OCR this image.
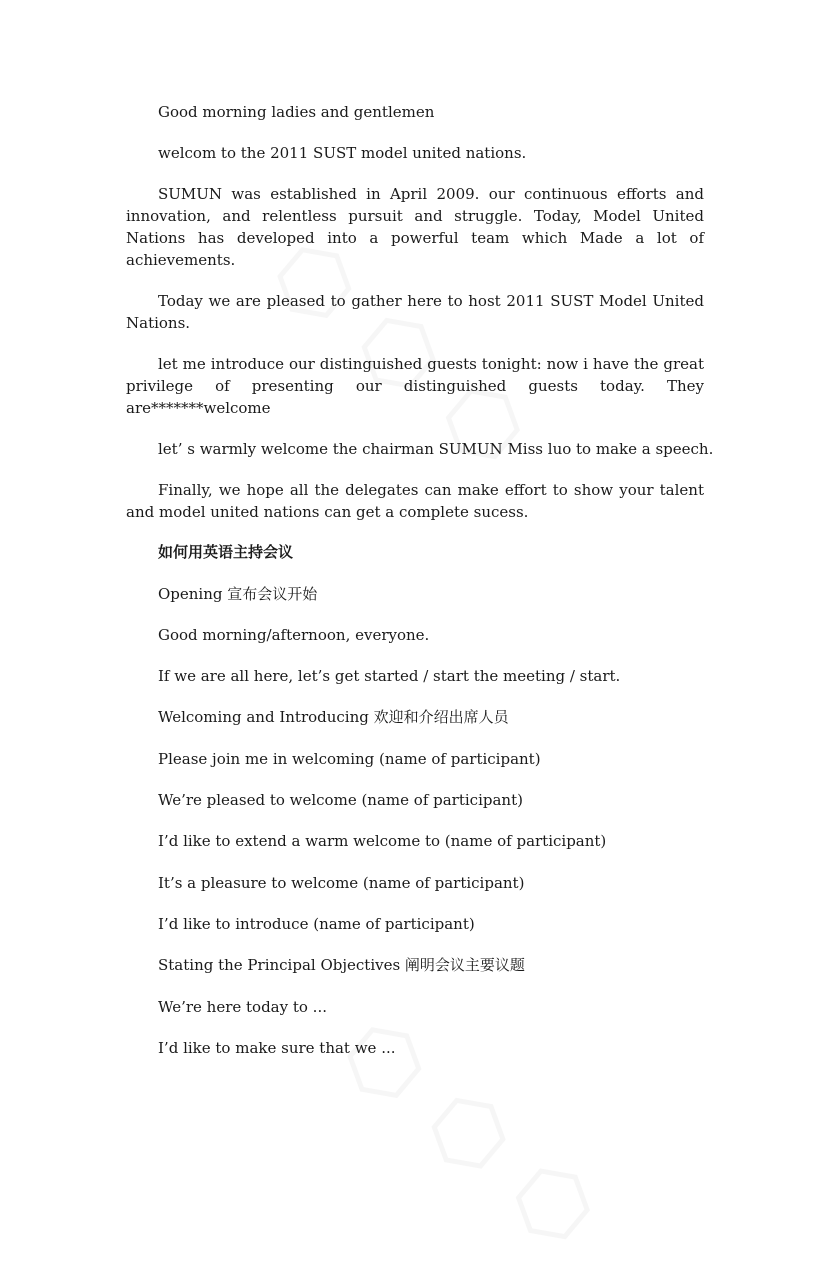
Good morning ladies and gentlemen

welcom to the 2011 SUST model united nations.

SUMUN was established in April 2009. our continuous efforts and innovation, and relentless pursuit and struggle. Today, Model United Nations has developed into a powerful team which Made a lot of achievements.

Today we are pleased to gather here to host 2011 SUST Model United Nations.

let me introduce our distinguished guests tonight: now i have the great privilege of presenting our distinguished guests today. They are*******welcome

let’ s warmly welcome the chairman SUMUN Miss luo to make a speech.

Finally, we hope all the delegates can make effort to show your talent and model united nations can get a complete sucess.

如何用英语主持会议

Opening 宣布会议开始

Good morning/afternoon, everyone.

If we are all here, let’s get started / start the meeting / start.

Welcoming and Introducing 欢迎和介绍出席人员

Please join me in welcoming (name of participant)

We’re pleased to welcome (name of participant)

I’d like to extend a warm welcome to (name of participant)

It’s a pleasure to welcome (name of participant)

I’d like to introduce (name of participant)

Stating the Principal Objectives 阐明会议主要议题

We’re here today to ...

I’d like to make sure that we ...
